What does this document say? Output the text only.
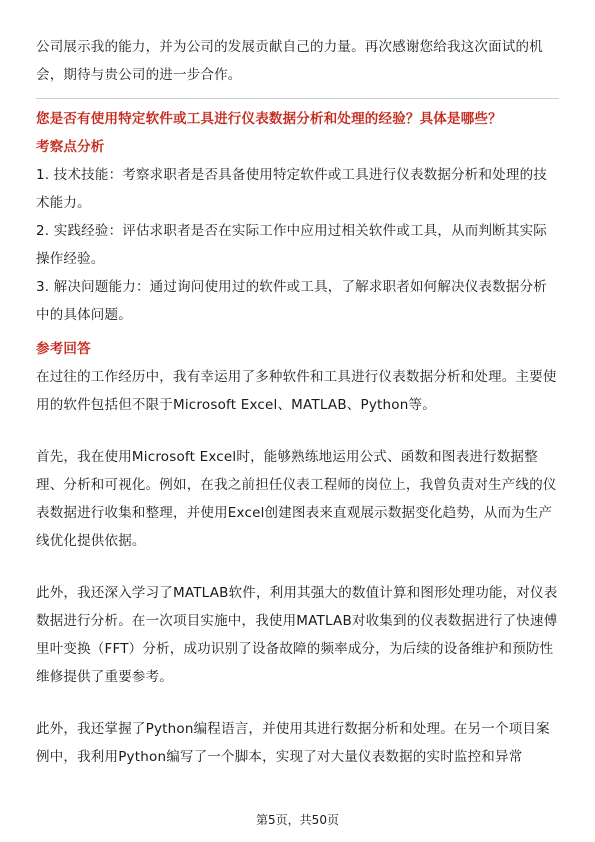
公司展示我的能力，并为公司的发展贡献自己的力量。再次感谢您给我这次面试的机会，期待与贵公司的进一步合作。

您是否有使用特定软件或工具进行仪表数据分析和处理的经验？具体是哪些？

考察点分析

1. 技术技能：考察求职者是否具备使用特定软件或工具进行仪表数据分析和处理的技术能力。

2. 实践经验：评估求职者是否在实际工作中应用过相关软件或工具，从而判断其实际操作经验。

3. 解决问题能力：通过询问使用过的软件或工具，了解求职者如何解决仪表数据分析中的具体问题。

参考回答

在过往的工作经历中，我有幸运用了多种软件和工具进行仪表数据分析和处理。主要使用的软件包括但不限于Microsoft Excel、MATLAB、Python等。

首先，我在使用Microsoft Excel时，能够熟练地运用公式、函数和图表进行数据整理、分析和可视化。例如，在我之前担任仪表工程师的岗位上，我曾负责对生产线的仪表数据进行收集和整理，并使用Excel创建图表来直观展示数据变化趋势，从而为生产线优化提供依据。

此外，我还深入学习了MATLAB软件，利用其强大的数值计算和图形处理功能，对仪表数据进行分析。在一次项目实施中，我使用MATLAB对收集到的仪表数据进行了快速傅里叶变换（FFT）分析，成功识别了设备故障的频率成分，为后续的设备维护和预防性维修提供了重要参考。

此外，我还掌握了Python编程语言，并使用其进行数据分析和处理。在另一个项目案例中，我利用Python编写了一个脚本，实现了对大量仪表数据的实时监控和异常

第5页，共50页
